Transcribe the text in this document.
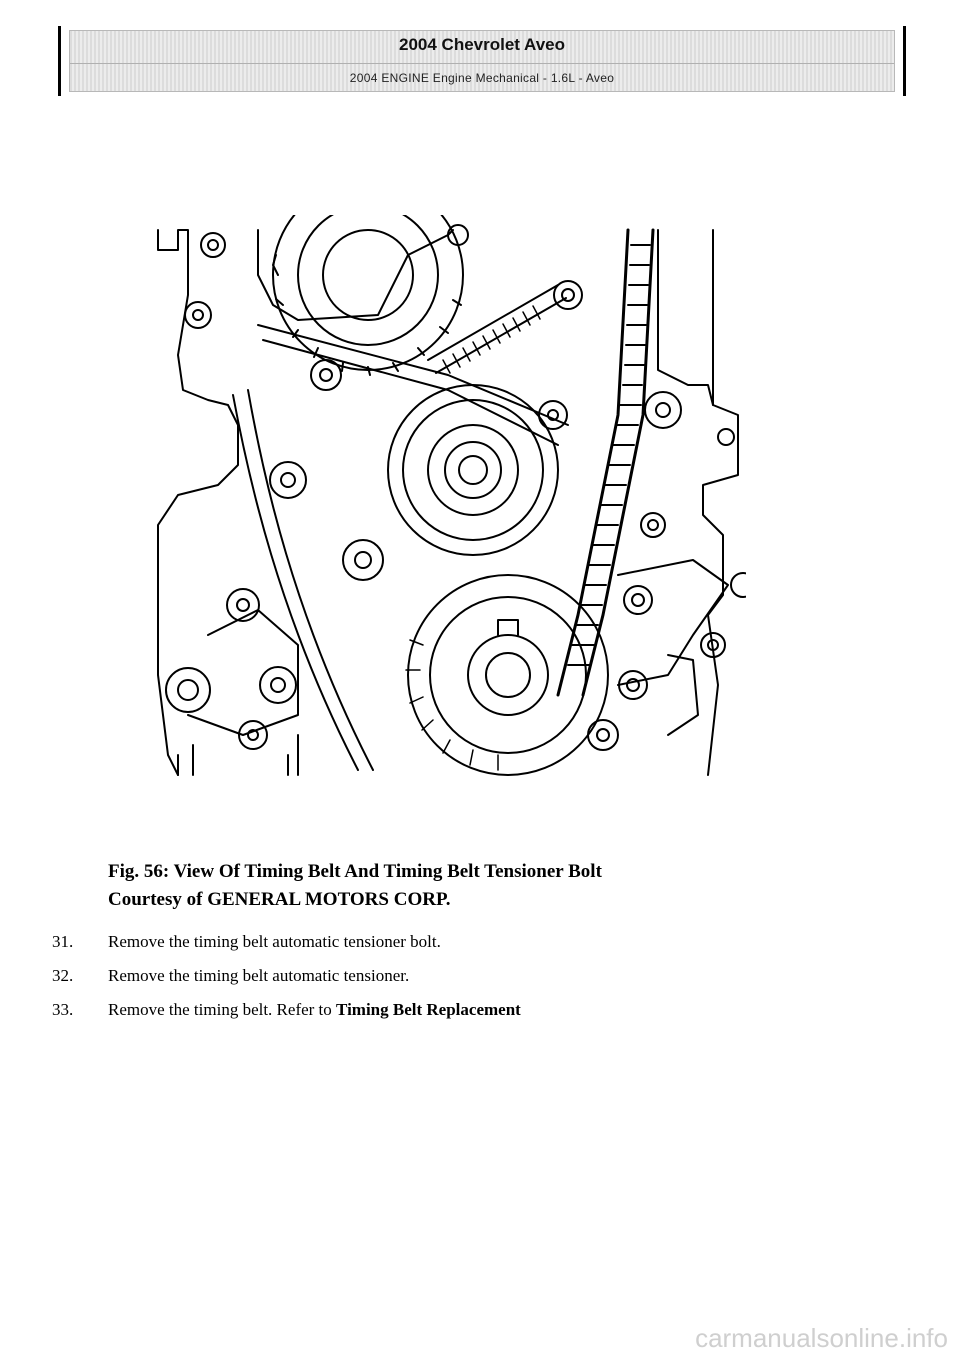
2004 Chevrolet Aveo
2004 ENGINE Engine Mechanical - 1.6L - Aveo
Fig. 56: View Of Timing Belt And Timing Belt Tensioner Bolt
Courtesy of GENERAL MOTORS CORP.
31.	Remove the timing belt automatic tensioner bolt.
32.	Remove the timing belt automatic tensioner.
33.	Remove the timing belt. Refer to Timing Belt Replacement
carmanualsonline.info
